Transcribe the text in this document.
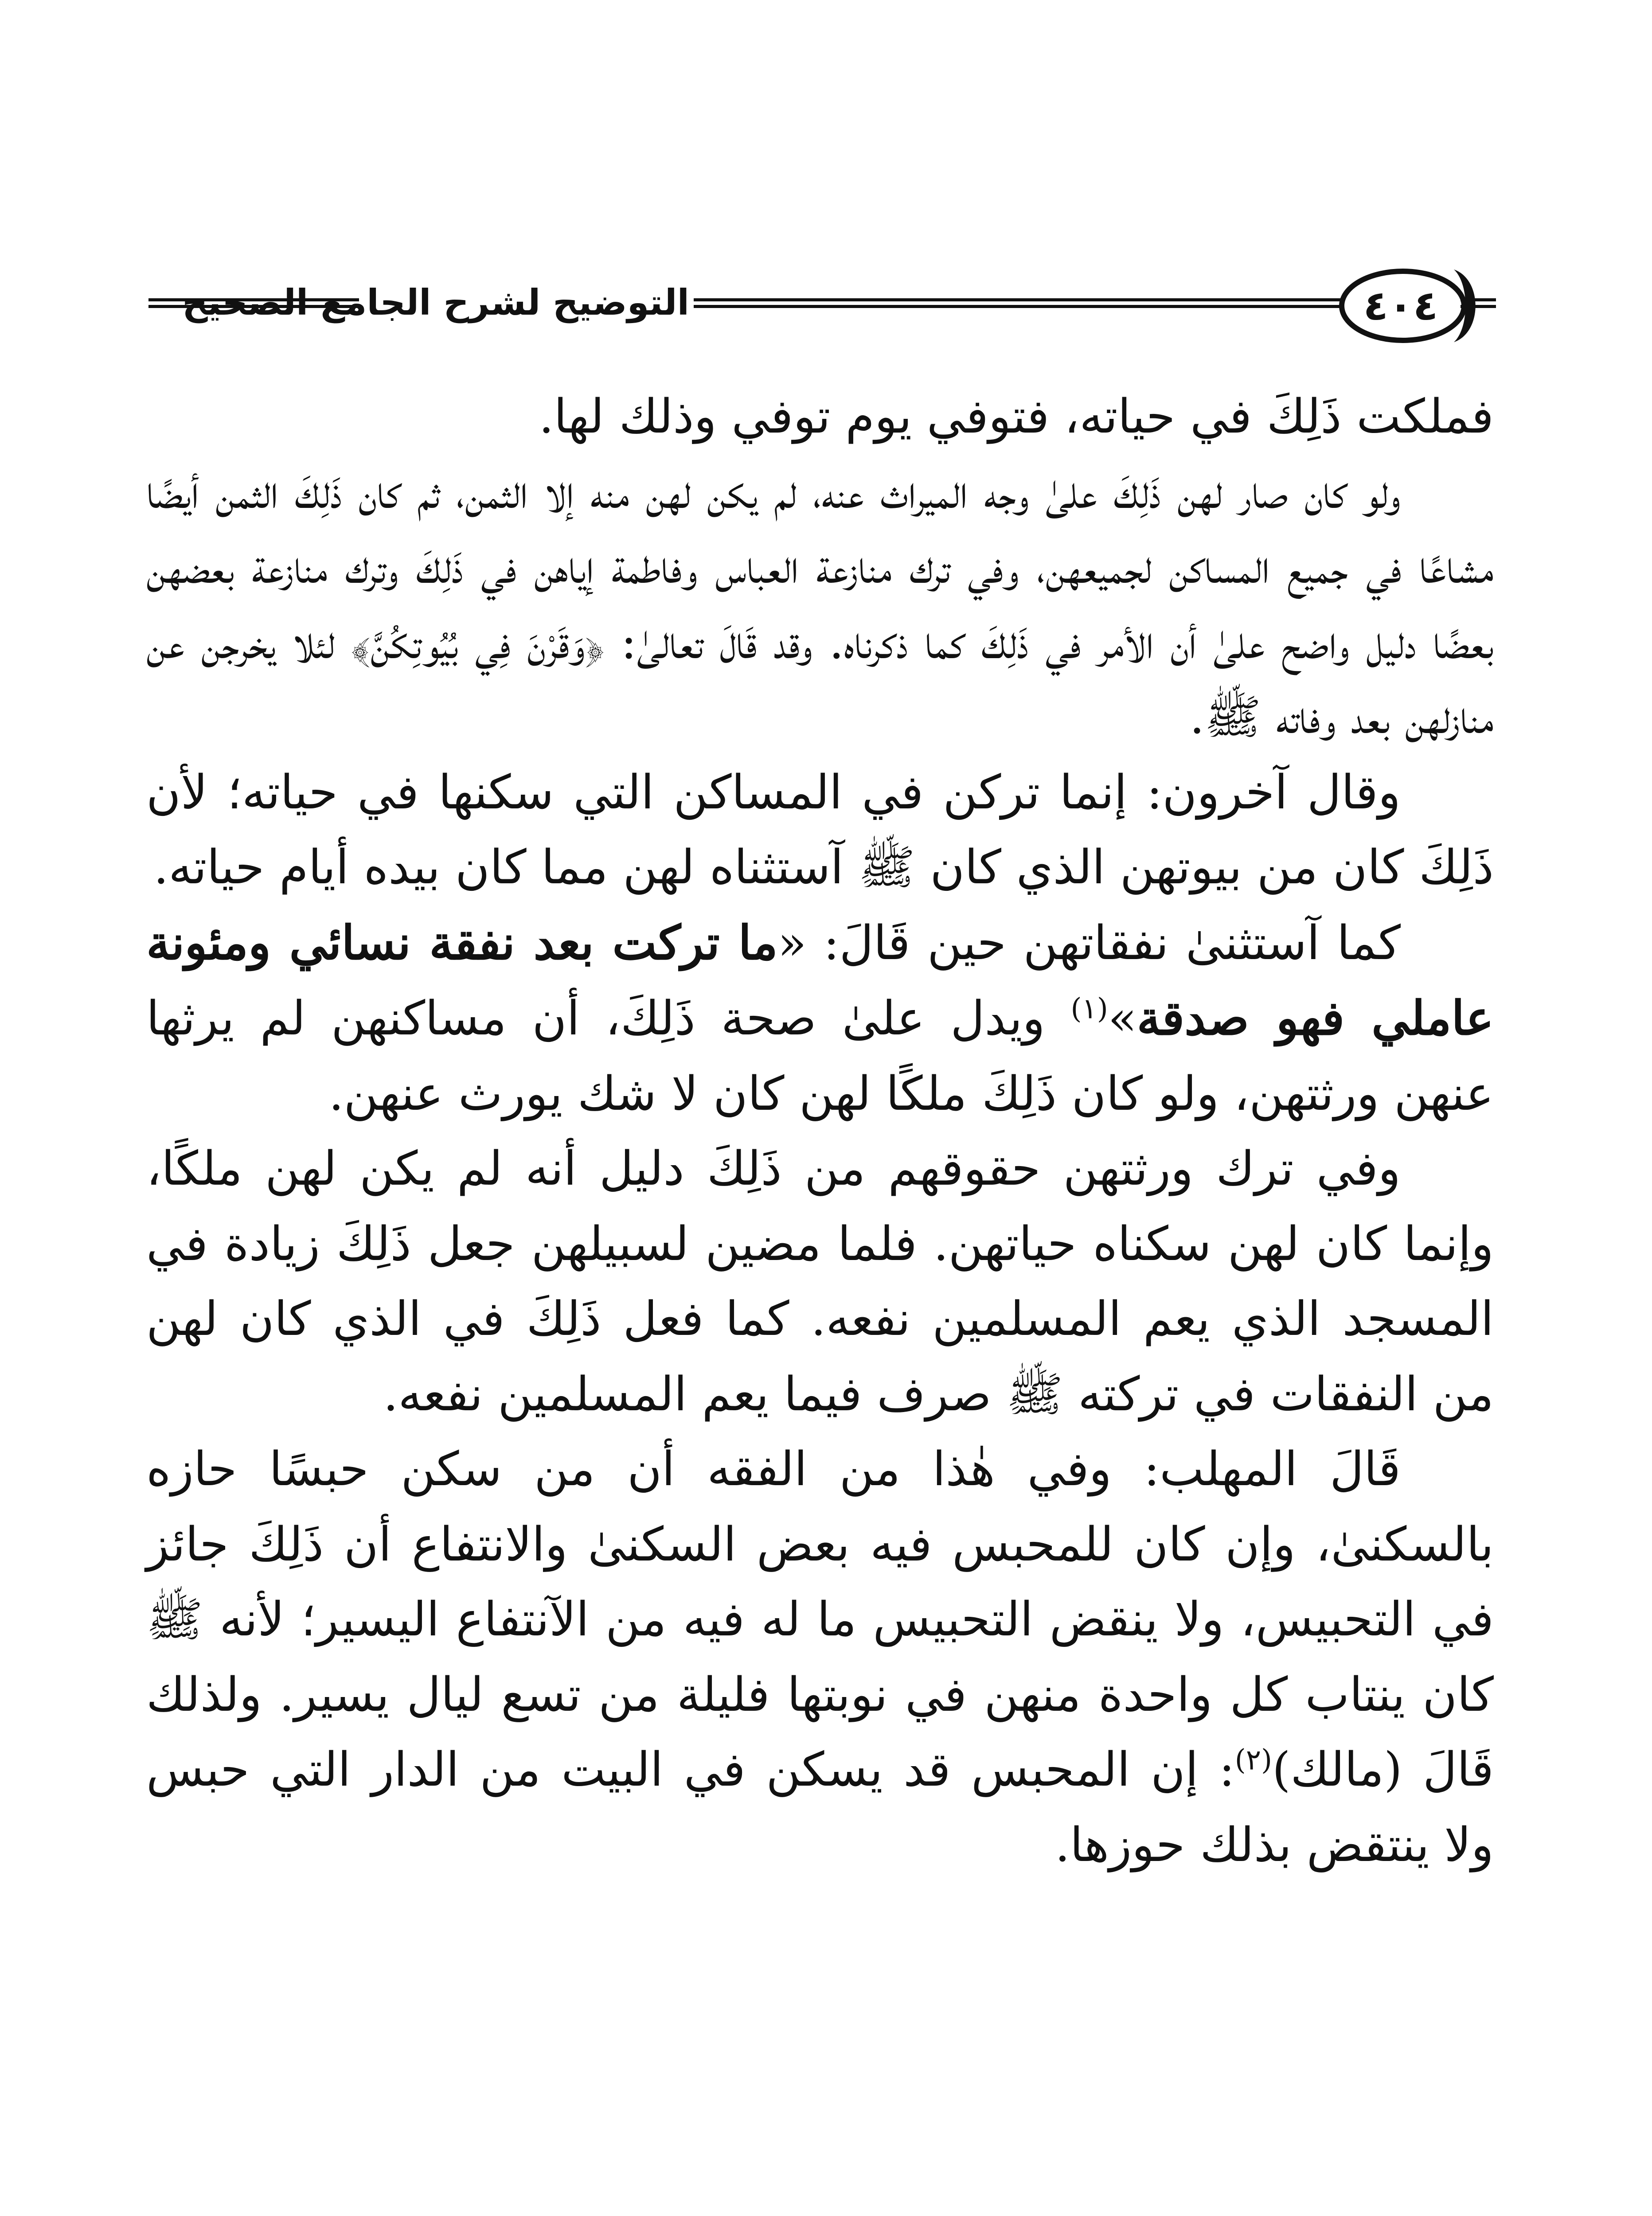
التوضيح لشرح الجامع الصحيح	٤٠٤

فملكت ذَلِكَ في حياته، فتوفي يوم توفي وذلك لها.

ولو كان صار لهن ذَلِكَ علىٰ وجه الميراث عنه، لم يكن لهن منه إلا الثمن، ثم كان ذَلِكَ الثمن أيضًا مشاعًا في جميع المساكن لجميعهن، وفي ترك منازعة العباس وفاطمة إياهن في ذَلِكَ وترك منازعة بعضهن بعضًا دليل واضح علىٰ أن الأمر في ذَلِكَ كما ذكرناه. وقد قَالَ تعالىٰ: ﴿وَقَرْنَ فِي بُيُوتِكُنَّ﴾ لئلا يخرجن عن منازلهن بعد وفاته ﷺ.

وقال آخرون: إنما تركن في المساكن التي سكنها في حياته؛ لأن ذَلِكَ كان من بيوتهن الذي كان ﷺ آستثناه لهن مما كان بيده أيام حياته.

كما آستثنىٰ نفقاتهن حين قَالَ: «ما تركت بعد نفقة نسائي ومئونة عاملي فهو صدقة»$^{(١)}$ ويدل علىٰ صحة ذَلِكَ، أن مساكنهن لم يرثها عنهن ورثتهن، ولو كان ذَلِكَ ملكًا لهن كان لا شك يورث عنهن.

وفي ترك ورثتهن حقوقهم من ذَلِكَ دليل أنه لم يكن لهن ملكًا، وإنما كان لهن سكناه حياتهن. فلما مضين لسبيلهن جعل ذَلِكَ زيادة في المسجد الذي يعم المسلمين نفعه. كما فعل ذَلِكَ في الذي كان لهن من النفقات في تركته ﷺ صرف فيما يعم المسلمين نفعه.

قَالَ المهلب: وفي هٰذا من الفقه أن من سكن حبسًا حازه بالسكنىٰ، وإن كان للمحبس فيه بعض السكنىٰ والانتفاع أن ذَلِكَ جائز في التحبيس، ولا ينقض التحبيس ما له فيه من الآنتفاع اليسير؛ لأنه ﷺ كان ينتاب كل واحدة منهن في نوبتها فليلة من تسع ليال يسير. ولذلك قَالَ (مالك)$^{(٢)}$: إن المحبس قد يسكن في البيت من الدار التي حبس ولا ينتقض بذلك حوزها.
